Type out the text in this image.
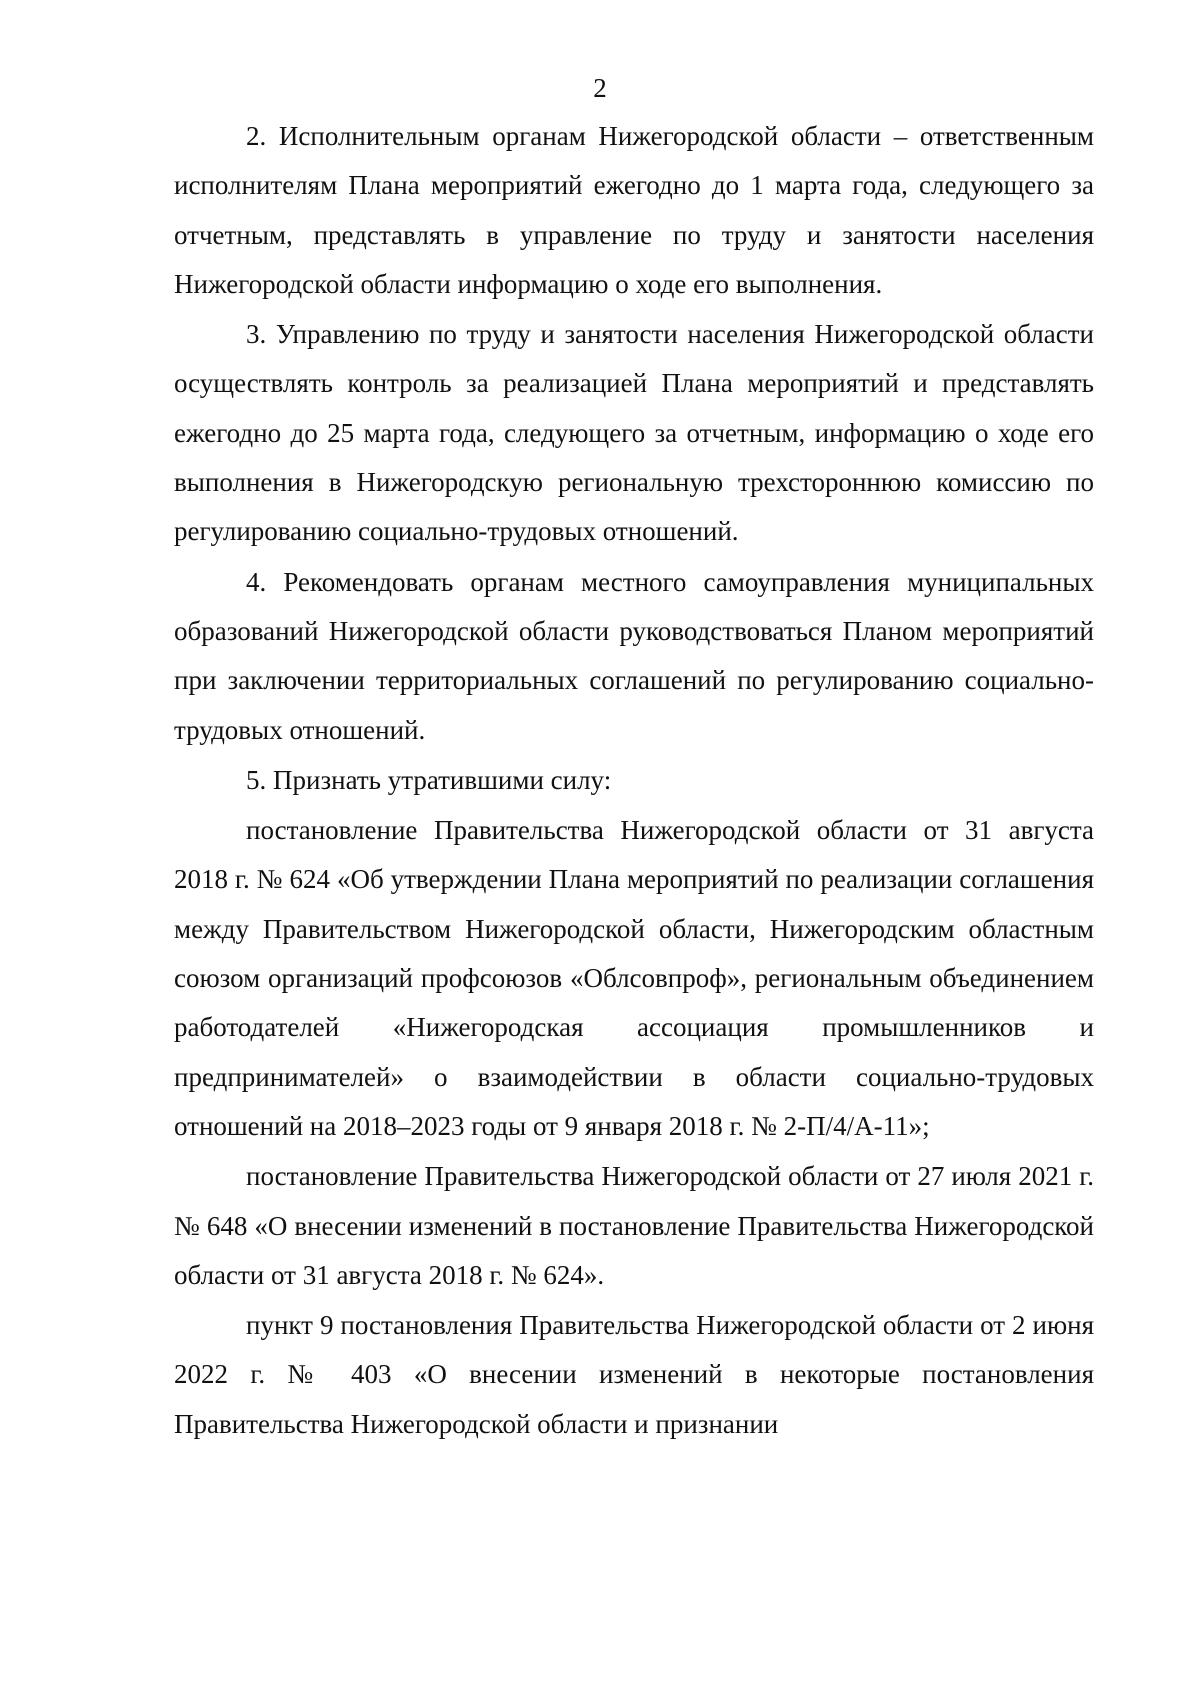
2

2. Исполнительным органам Нижегородской области – ответственным исполнителям Плана мероприятий ежегодно до 1 марта года, следующего за отчетным, представлять в управление по труду и занятости населения Нижегородской области информацию о ходе его выполнения.

3. Управлению по труду и занятости населения Нижегородской области осуществлять контроль за реализацией Плана мероприятий и представлять ежегодно до 25 марта года, следующего за отчетным, информацию о ходе его выполнения в Нижегородскую региональную трехстороннюю комиссию по регулированию социально-трудовых отношений.

4. Рекомендовать органам местного самоуправления муниципальных образований Нижегородской области руководствоваться Планом мероприятий при заключении территориальных соглашений по регулированию социально-трудовых отношений.

5. Признать утратившими силу:

постановление Правительства Нижегородской области от 31 августа 2018 г. № 624 «Об утверждении Плана мероприятий по реализации соглашения между Правительством Нижегородской области, Нижегородским областным союзом организаций профсоюзов «Облсовпроф», региональным объединением работодателей «Нижегородская ассоциация промышленников и предпринимателей» о взаимодействии в области социально-трудовых отношений на 2018–2023 годы от 9 января 2018 г. № 2-П/4/А-11»;

постановление Правительства Нижегородской области от 27 июля 2021 г. № 648 «О внесении изменений в постановление Правительства Нижегородской области от 31 августа 2018 г. № 624».

пункт 9 постановления Правительства Нижегородской области от 2 июня 2022 г. № 403 «О внесении изменений в некоторые постановления Правительства Нижегородской области и признании
